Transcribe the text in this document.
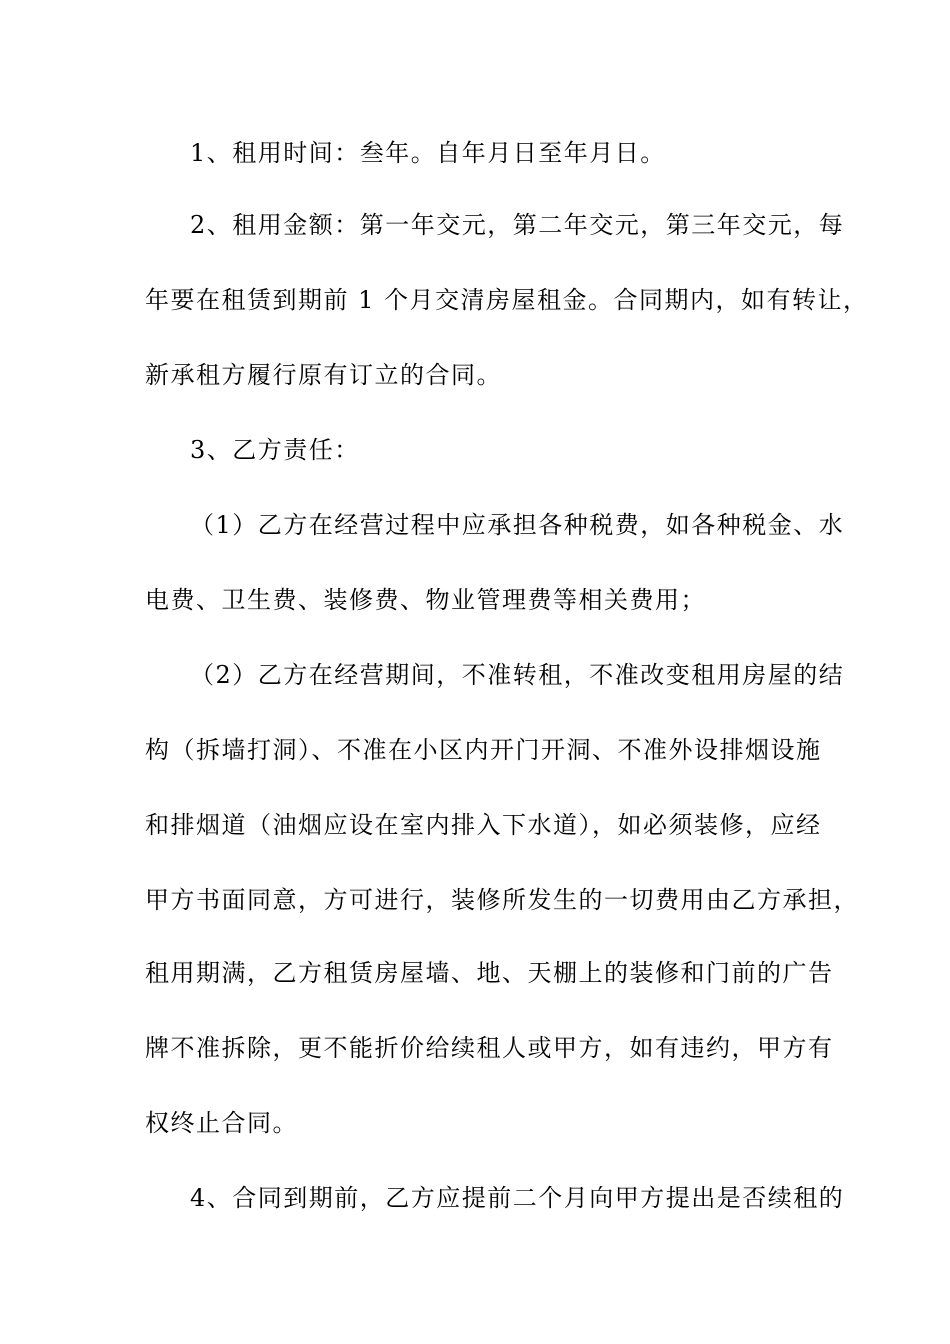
1、租用时间：叁年。自年月日至年月日。
2、租用金额：第一年交元，第二年交元，第三年交元，每
年要在租赁到期前 1 个月交清房屋租金。合同期内，如有转让，
新承租方履行原有订立的合同。
3、乙方责任：
（1）乙方在经营过程中应承担各种税费，如各种税金、水
电费、卫生费、装修费、物业管理费等相关费用；
（2）乙方在经营期间，不准转租，不准改变租用房屋的结
构（拆墙打洞）、不准在小区内开门开洞、不准外设排烟设施
和排烟道（油烟应设在室内排入下水道），如必须装修，应经
甲方书面同意，方可进行，装修所发生的一切费用由乙方承担，
租用期满，乙方租赁房屋墙、地、天棚上的装修和门前的广告
牌不准拆除，更不能折价给续租人或甲方，如有违约，甲方有
权终止合同。
4、合同到期前，乙方应提前二个月向甲方提出是否续租的
